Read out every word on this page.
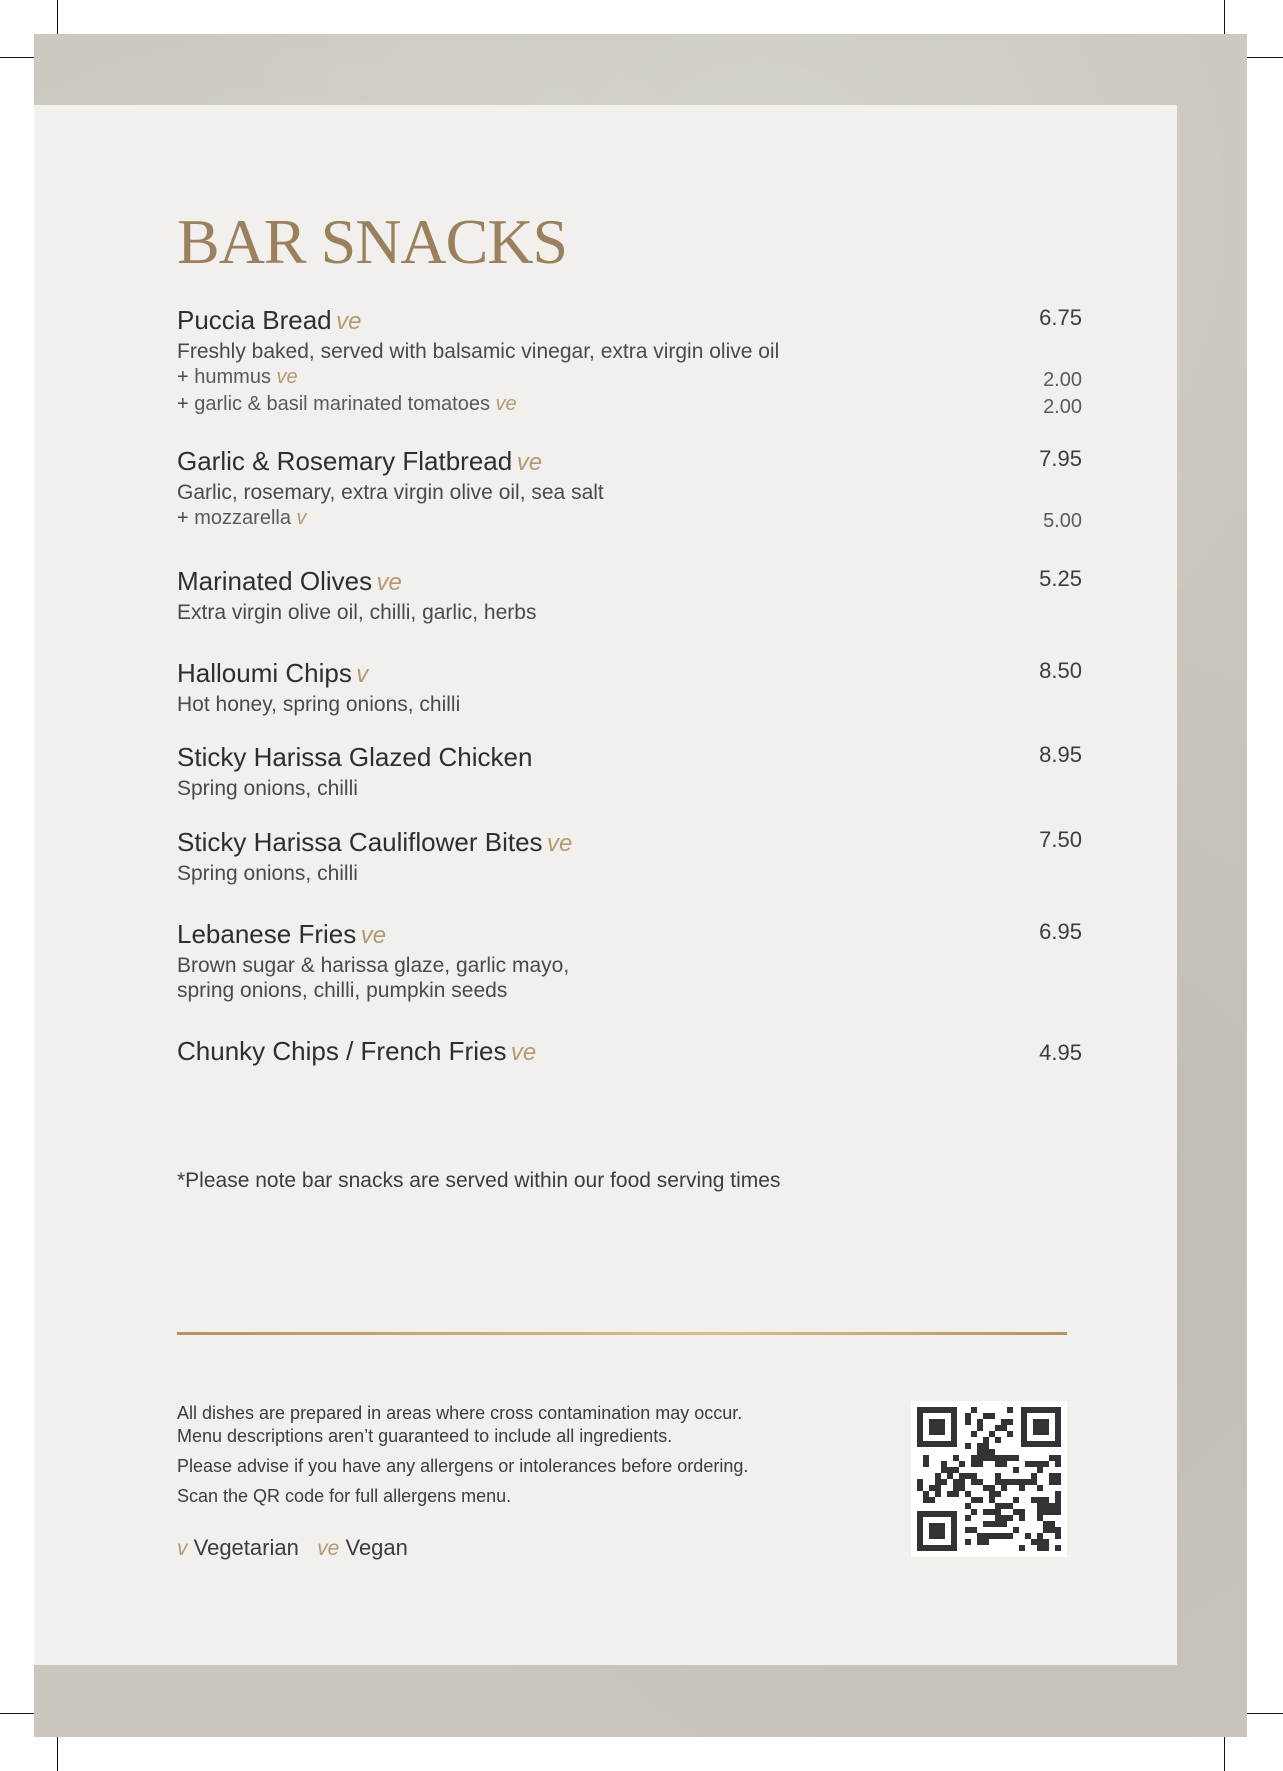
BAR SNACKS
Puccia Bread ve	6.75
Freshly baked, served with balsamic vinegar, extra virgin olive oil
+ hummus ve	2.00
+ garlic & basil marinated tomatoes ve	2.00
Garlic & Rosemary Flatbread ve	7.95
Garlic, rosemary, extra virgin olive oil, sea salt
+ mozzarella v	5.00
Marinated Olives ve	5.25
Extra virgin olive oil, chilli, garlic, herbs
Halloumi Chips v	8.50
Hot honey, spring onions, chilli
Sticky Harissa Glazed Chicken	8.95
Spring onions, chilli
Sticky Harissa Cauliflower Bites ve	7.50
Spring onions, chilli
Lebanese Fries ve	6.95
Brown sugar & harissa glaze, garlic mayo,
spring onions, chilli, pumpkin seeds
Chunky Chips / French Fries ve	4.95
*Please note bar snacks are served within our food serving times
All dishes are prepared in areas where cross contamination may occur.
Menu descriptions aren’t guaranteed to include all ingredients.
Please advise if you have any allergens or intolerances before ordering.
Scan the QR code for full allergens menu.
v Vegetarian ve Vegan
